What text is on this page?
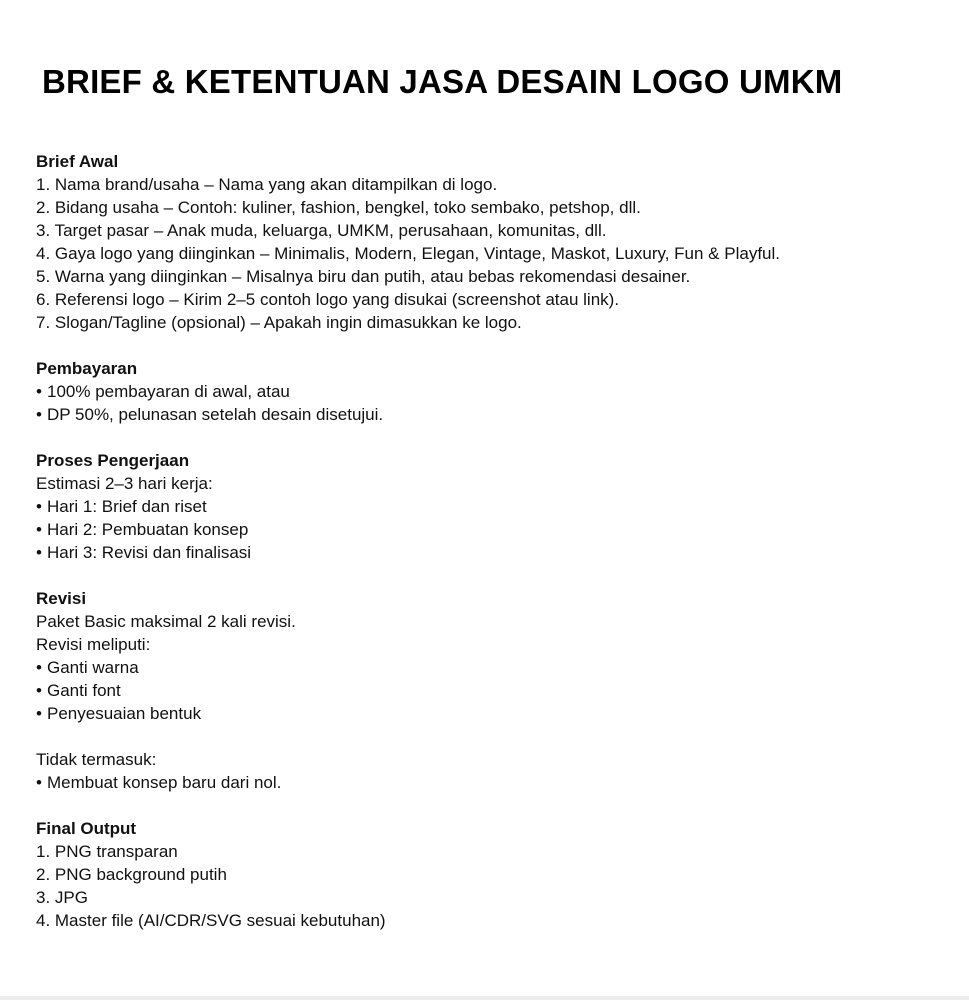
BRIEF & KETENTUAN JASA DESAIN LOGO UMKM

Brief Awal

1. Nama brand/usaha – Nama yang akan ditampilkan di logo.
2. Bidang usaha – Contoh: kuliner, fashion, bengkel, toko sembako, petshop, dll.
3. Target pasar – Anak muda, keluarga, UMKM, perusahaan, komunitas, dll.
4. Gaya logo yang diinginkan – Minimalis, Modern, Elegan, Vintage, Maskot, Luxury, Fun & Playful.
5. Warna yang diinginkan – Misalnya biru dan putih, atau bebas rekomendasi desainer.
6. Referensi logo – Kirim 2–5 contoh logo yang disukai (screenshot atau link).
7. Slogan/Tagline (opsional) – Apakah ingin dimasukkan ke logo.

Pembayaran

• 100% pembayaran di awal, atau
• DP 50%, pelunasan setelah desain disetujui.

Proses Pengerjaan

Estimasi 2–3 hari kerja:

• Hari 1: Brief dan riset
• Hari 2: Pembuatan konsep
• Hari 3: Revisi dan finalisasi

Revisi

Paket Basic maksimal 2 kali revisi.

Revisi meliputi:

• Ganti warna
• Ganti font
• Penyesuaian bentuk

Tidak termasuk:

• Membuat konsep baru dari nol.

Final Output

1. PNG transparan
2. PNG background putih
3. JPG
4. Master file (AI/CDR/SVG sesuai kebutuhan)
